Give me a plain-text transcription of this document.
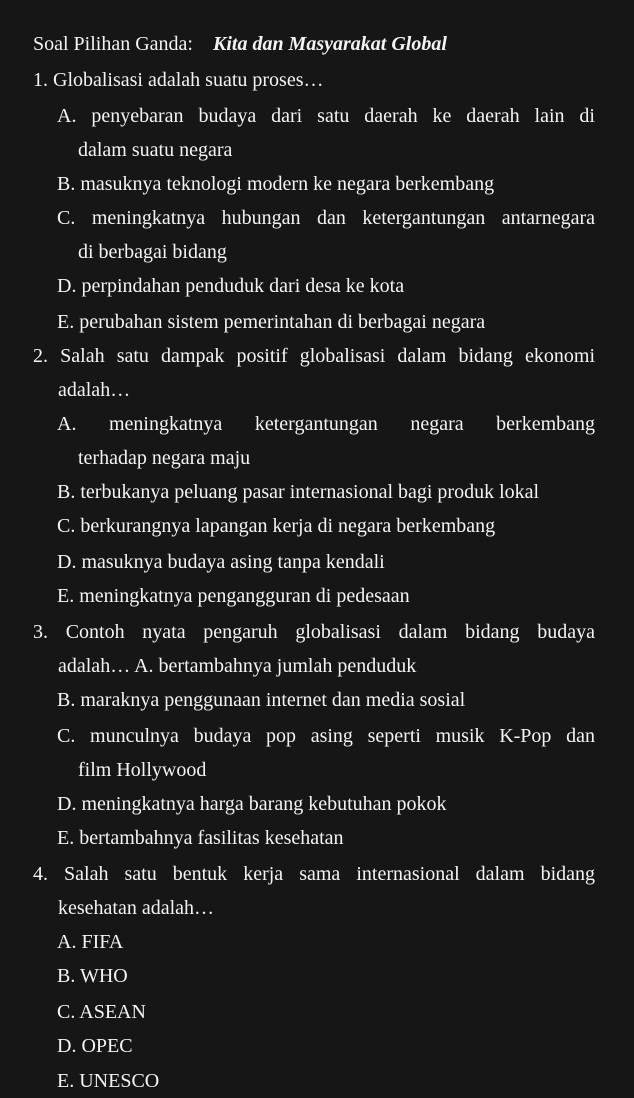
Soal Pilihan Ganda: Kita dan Masyarakat Global
1. Globalisasi adalah suatu proses…
A. penyebaran budaya dari satu daerah ke daerah lain di
dalam suatu negara
B. masuknya teknologi modern ke negara berkembang
C. meningkatnya hubungan dan ketergantungan antarnegara
di berbagai bidang
D. perpindahan penduduk dari desa ke kota
E. perubahan sistem pemerintahan di berbagai negara
2. Salah satu dampak positif globalisasi dalam bidang ekonomi
adalah…
A. meningkatnya ketergantungan negara berkembang
terhadap negara maju
B. terbukanya peluang pasar internasional bagi produk lokal
C. berkurangnya lapangan kerja di negara berkembang
D. masuknya budaya asing tanpa kendali
E. meningkatnya pengangguran di pedesaan
3. Contoh nyata pengaruh globalisasi dalam bidang budaya
adalah… A. bertambahnya jumlah penduduk
B. maraknya penggunaan internet dan media sosial
C. munculnya budaya pop asing seperti musik K-Pop dan
film Hollywood
D. meningkatnya harga barang kebutuhan pokok
E. bertambahnya fasilitas kesehatan
4. Salah satu bentuk kerja sama internasional dalam bidang
kesehatan adalah…
A. FIFA
B. WHO
C. ASEAN
D. OPEC
E. UNESCO
